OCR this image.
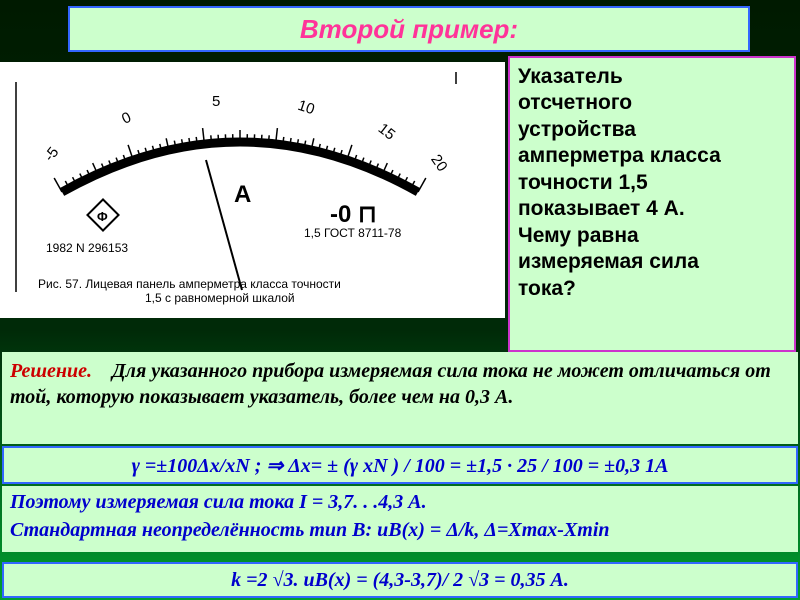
Второй пример:
-5
0
5	10
15
20
A
-0 ⊓
Φ
1982 N 296153
1,5 ГОСТ 8711-78
Рис. 57. Лицевая панель амперметра класса точности
1,5 с равномерной шкалой

Указатель
отсчетного
устройства
амперметра класса
точности 1,5
показывает 4 А.
Чему равна
измеряемая сила
тока?

Решение. Для указанного прибора измеряемая сила тока не может отличаться от той, которую показывает указатель, более чем на 0,3 А.
γ =±100Δx/xN ; ⇒ Δx= ± (γ xN ) / 100 = ±1,5 · 25 / 100 = ±0,3 1А
Поэтому измеряемая сила тока I = 3,7. . .4,3 А.
Стандартная неопределённость тип В: uB(x) = Δ/k, Δ=Xmax-Xmin
k =2 √3. uB(x) = (4,3-3,7)/ 2 √3 = 0,35 А.
